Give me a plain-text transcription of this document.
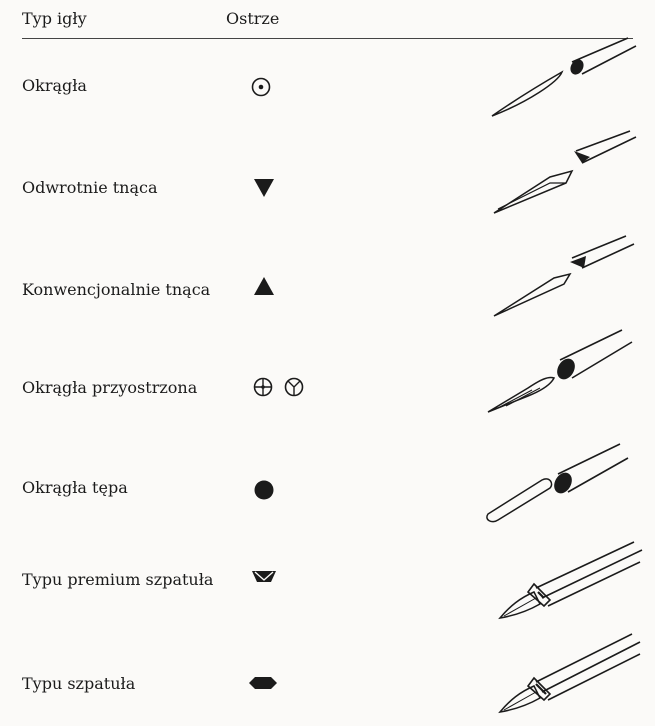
Typ igły	Ostrze
Okrągła
Odwrotnie tnąca
Konwencjonalnie tnąca
Okrągła przyostrzona
Okrągła tępa
Typu premium szpatuła
Typu szpatuła
